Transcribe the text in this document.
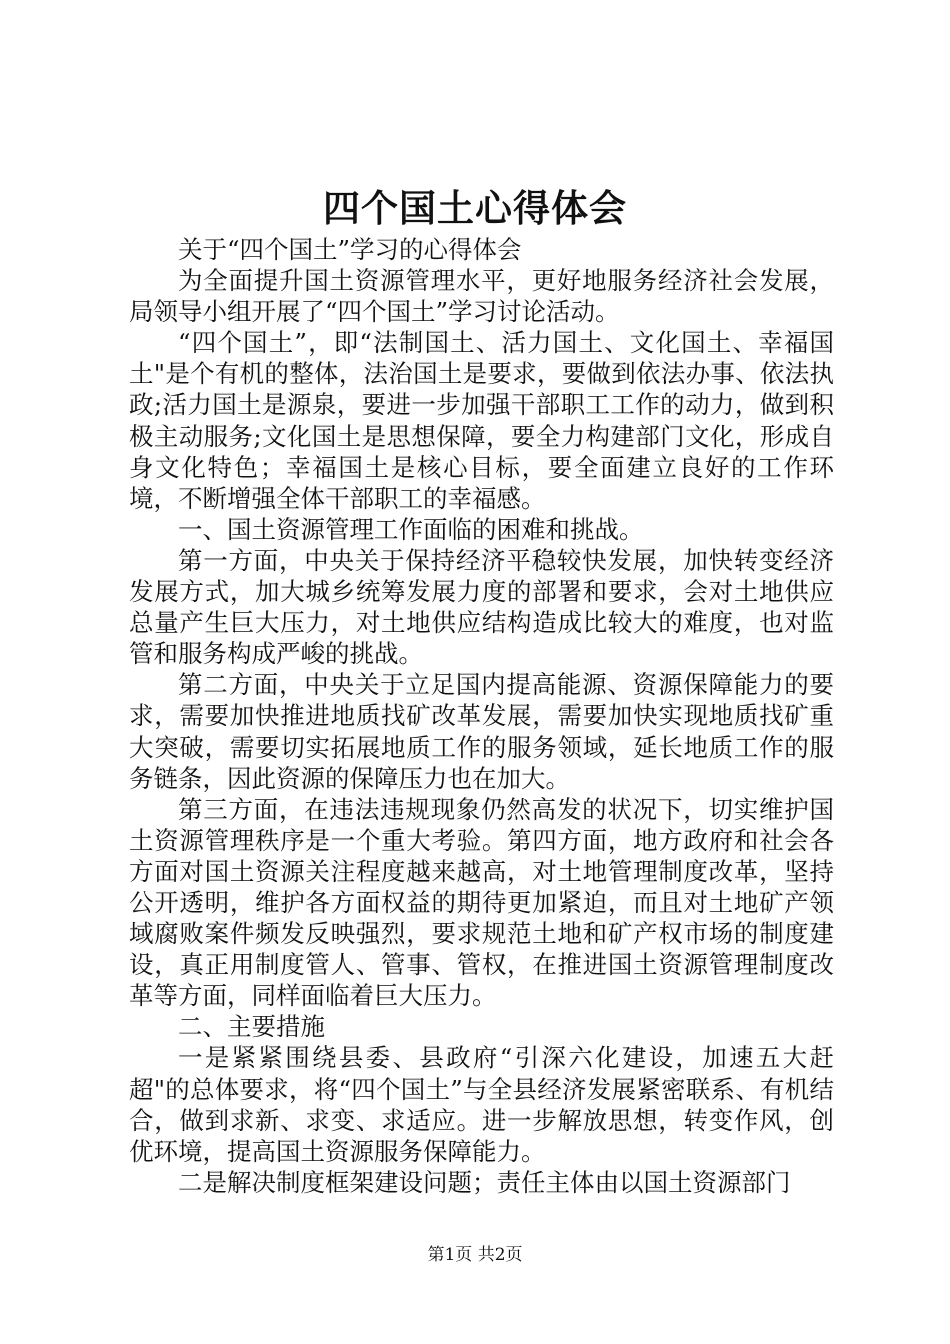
四个国土心得体会

关于“四个国土”学习的心得体会

为全面提升国土资源管理水平，更好地服务经济社会发展，局领导小组开展了“四个国土”学习讨论活动。

“四个国土”，即“法制国土、活力国土、文化国土、幸福国土"是个有机的整体，法治国土是要求，要做到依法办事、依法执政;活力国土是源泉，要进一步加强干部职工工作的动力，做到积极主动服务;文化国土是思想保障，要全力构建部门文化，形成自身文化特色；幸福国土是核心目标，要全面建立良好的工作环境，不断增强全体干部职工的幸福感。

一、国土资源管理工作面临的困难和挑战。

第一方面，中央关于保持经济平稳较快发展，加快转变经济发展方式，加大城乡统筹发展力度的部署和要求，会对土地供应总量产生巨大压力，对土地供应结构造成比较大的难度，也对监管和服务构成严峻的挑战。

第二方面，中央关于立足国内提高能源、资源保障能力的要求，需要加快推进地质找矿改革发展，需要加快实现地质找矿重大突破，需要切实拓展地质工作的服务领域，延长地质工作的服务链条，因此资源的保障压力也在加大。

第三方面，在违法违规现象仍然高发的状况下，切实维护国土资源管理秩序是一个重大考验。第四方面，地方政府和社会各方面对国土资源关注程度越来越高，对土地管理制度改革，坚持公开透明，维护各方面权益的期待更加紧迫，而且对土地矿产领域腐败案件频发反映强烈，要求规范土地和矿产权市场的制度建设，真正用制度管人、管事、管权，在推进国土资源管理制度改革等方面，同样面临着巨大压力。

二、主要措施

一是紧紧围绕县委、县政府“引深六化建设，加速五大赶超"的总体要求，将“四个国土”与全县经济发展紧密联系、有机结合，做到求新、求变、求适应。进一步解放思想，转变作风，创优环境，提高国土资源服务保障能力。

二是解决制度框架建设问题；责任主体由以国土资源部门

第1页 共2页
